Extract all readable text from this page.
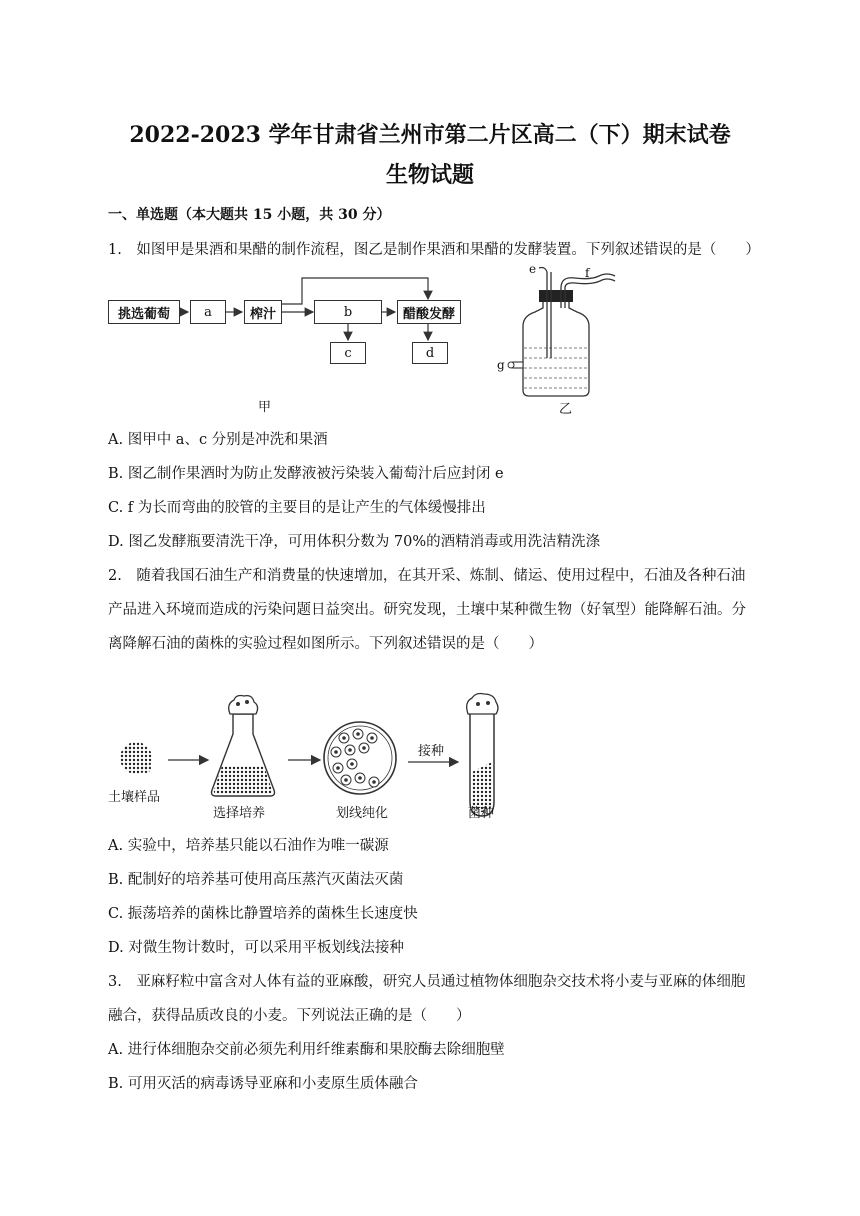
2022-2023 学年甘肃省兰州市第二片区高二（下）期末试卷
生物试题
一、单选题（本大题共 15 小题，共 30 分）
1.　如图甲是果酒和果醋的制作流程，图乙是制作果酒和果醋的发酵装置。下列叙述错误的是（　　）
挑选葡萄	a	榨汁	b	醋酸发酵
c	d
甲
e	f
g
乙
A. 图甲中 a、c 分别是冲洗和果酒
B. 图乙制作果酒时为防止发酵液被污染装入葡萄汁后应封闭 e
C. f 为长而弯曲的胶管的主要目的是让产生的气体缓慢排出
D. 图乙发酵瓶要清洗干净，可用体积分数为 70%的酒精消毒或用洗洁精洗涤
2.　随着我国石油生产和消费量的快速增加，在其开采、炼制、储运、使用过程中，石油及各种石油
产品进入环境而造成的污染问题日益突出。研究发现，土壤中某种微生物（好氧型）能降解石油。分
离降解石油的菌株的实验过程如图所示。下列叙述错误的是（　　）
土壤样品
选择培养	划线纯化
接种
菌种
A. 实验中，培养基只能以石油作为唯一碳源
B. 配制好的培养基可使用高压蒸汽灭菌法灭菌
C. 振荡培养的菌株比静置培养的菌株生长速度快
D. 对微生物计数时，可以采用平板划线法接种
3.　亚麻籽粒中富含对人体有益的亚麻酸，研究人员通过植物体细胞杂交技术将小麦与亚麻的体细胞
融合，获得品质改良的小麦。下列说法正确的是（　　）
A. 进行体细胞杂交前必须先利用纤维素酶和果胶酶去除细胞壁
B. 可用灭活的病毒诱导亚麻和小麦原生质体融合
